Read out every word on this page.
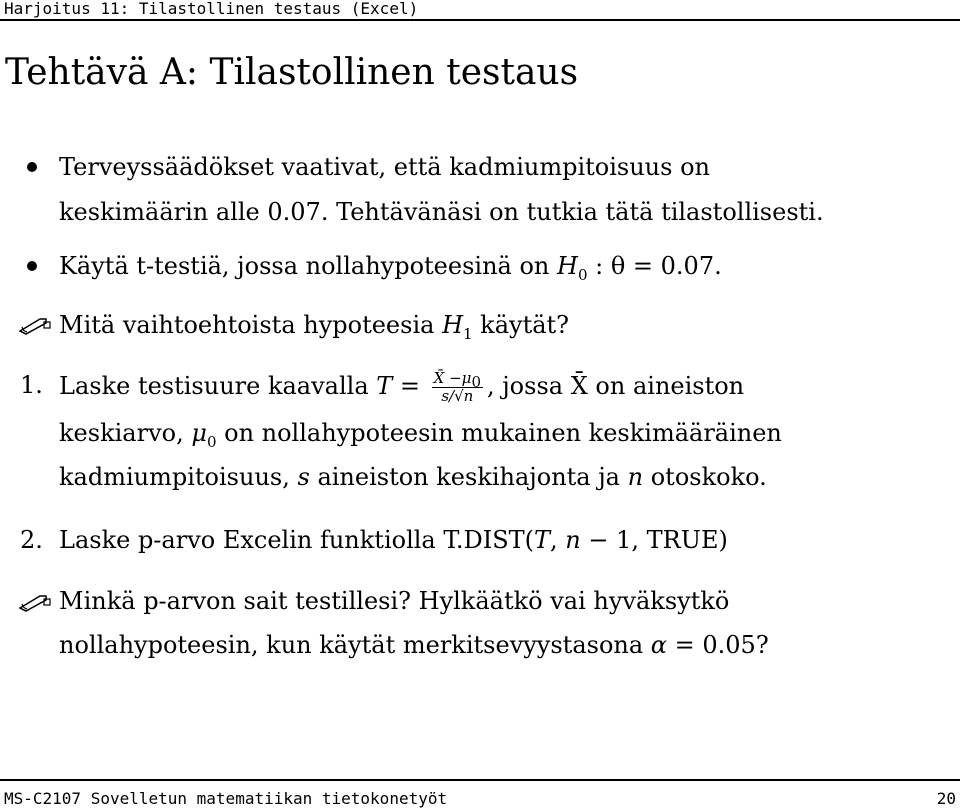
Harjoitus 11: Tilastollinen testaus (Excel)
Tehtävä A: Tilastollinen testaus
Terveyssäädökset vaativat, että kadmiumpitoisuus on
keskimäärin alle 0.07. Tehtävänäsi on tutkia tätä tilastollisesti.
Käytä t-testiä, jossa nollahypoteesinä on $H_0$ : θ = 0.07.
Mitä vaihtoehtoista hypoteesia $H_1$ käytät?
1. Laske testisuure kaavalla $T = \frac{X̄ -\mu_0}{s/√n}$ , jossa X̄ on aineiston
keskiarvo, $\mu_0$ on nollahypoteesin mukainen keskimääräinen
kadmiumpitoisuus, s aineiston keskihajonta ja n otoskoko.
2. Laske p-arvo Excelin funktiolla T.DIST(T, n − 1, TRUE)
Minkä p-arvon sait testillesi? Hylkäätkö vai hyväksytkö
nollahypoteesin, kun käytät merkitsevyystasona α = 0.05?
MS-C2107 Sovelletun matematiikan tietokonetyöt	20
